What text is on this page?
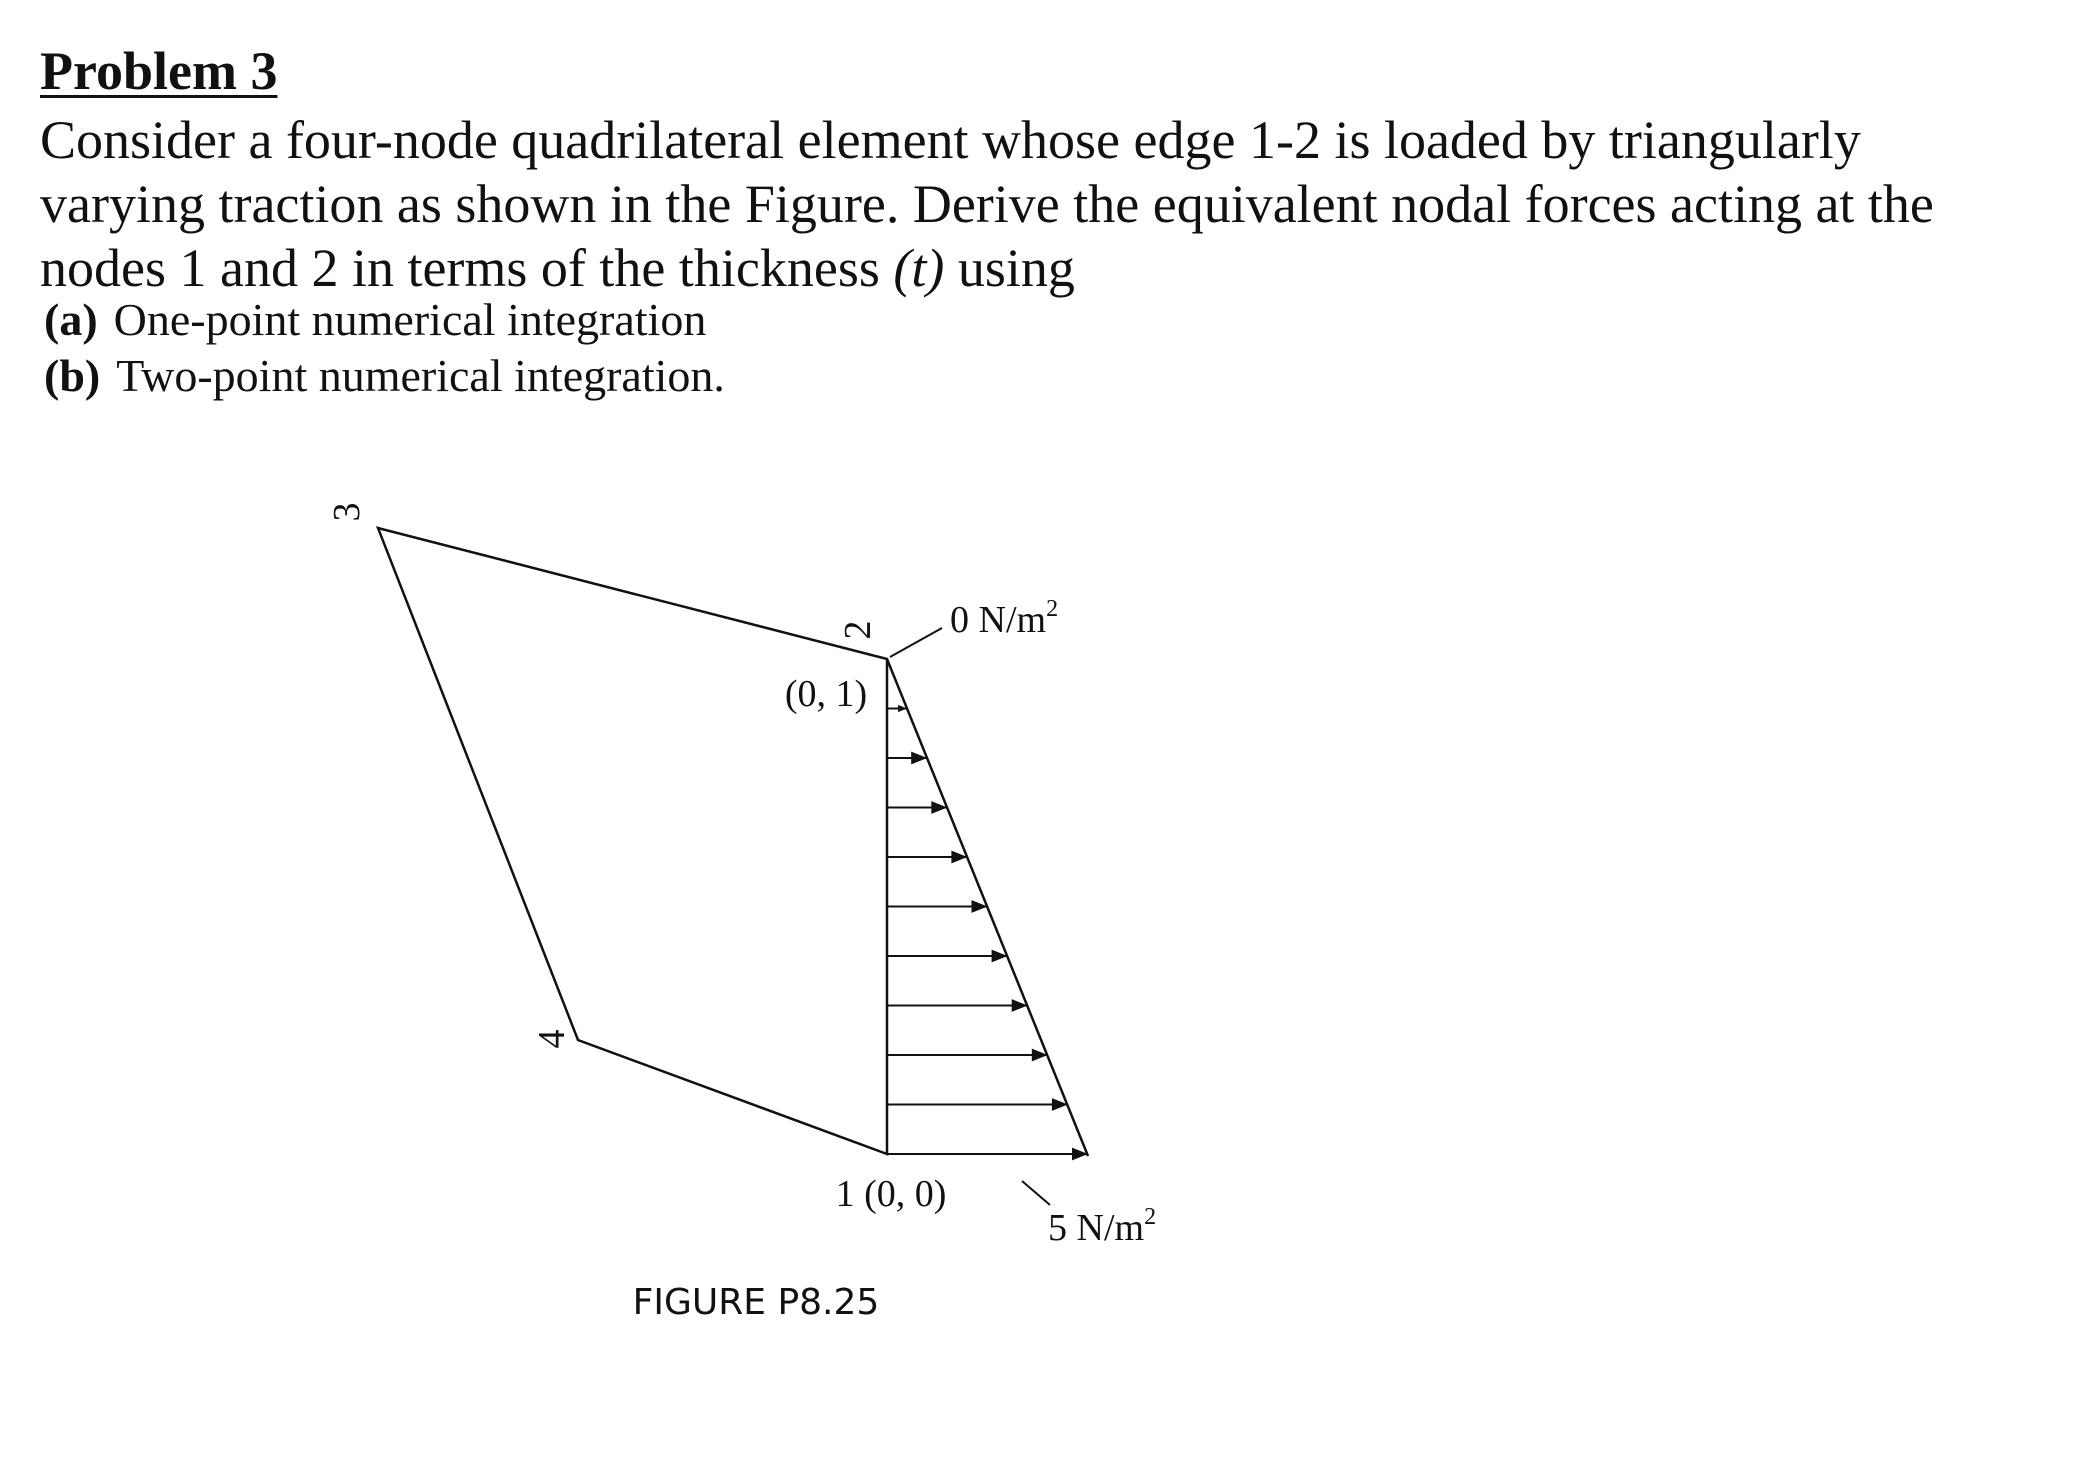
Problem 3

Consider a four-node quadrilateral element whose edge 1-2 is loaded by triangularly
varying traction as shown in the Figure. Derive the equivalent nodal forces acting at the
nodes 1 and 2 in terms of the thickness (t) using

(a) One-point numerical integration
(b) Two-point numerical integration.
3
2
(0, 1)
4
1 (0, 0)
0 $N/m^2$
5 $N/m^2$
FIGURE P8.25
